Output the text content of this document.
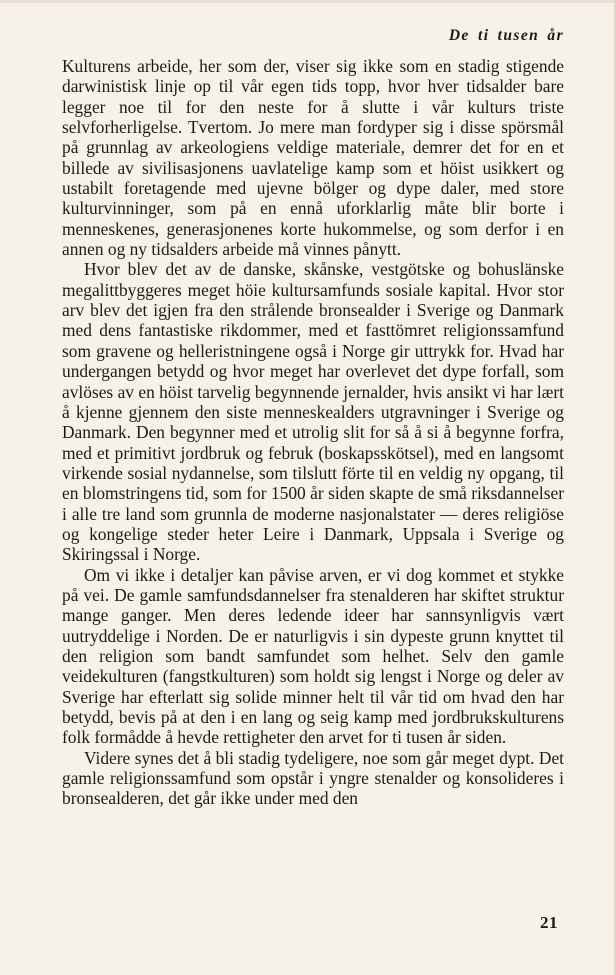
De ti tusen år

Kulturens arbeide, her som der, viser sig ikke som en stadig stigende darwinistisk linje op til vår egen tids topp, hvor hver tidsalder bare legger noe til for den neste for å slutte i vår kulturs triste selvforherligelse. Tvertom. Jo mere man fordyper sig i disse spörsmål på grunnlag av arkeologiens veldige materiale, demrer det for en et billede av sivilisasjonens uavlatelige kamp som et höist usikkert og ustabilt foretagende med ujevne bölger og dype daler, med store kulturvinninger, som på en ennå uforklarlig måte blir borte i menneskenes, generasjonenes korte hukommelse, og som derfor i en annen og ny tidsalders arbeide må vinnes pånytt.

Hvor blev det av de danske, skånske, vestgötske og bohuslänske megalittbyggeres meget höie kultursamfunds sosiale kapital. Hvor stor arv blev det igjen fra den strålende bronsealder i Sverige og Danmark med dens fantastiske rikdommer, med et fasttömret religionssamfund som gravene og helleristningene også i Norge gir uttrykk for. Hvad har undergangen betydd og hvor meget har overlevet det dype forfall, som avlöses av en höist tarvelig begynnende jernalder, hvis ansikt vi har lært å kjenne gjennem den siste menneskealders utgravninger i Sverige og Danmark. Den begynner med et utrolig slit for så å si å begynne forfra, med et primitivt jordbruk og februk (boskapsskötsel), med en langsomt virkende sosial nydannelse, som tilslutt förte til en veldig ny opgang, til en blomstringens tid, som for 1500 år siden skapte de små riksdannelser i alle tre land som grunnla de moderne nasjonalstater — deres religiöse og kongelige steder heter Leire i Danmark, Uppsala i Sverige og Skiringssal i Norge.

Om vi ikke i detaljer kan påvise arven, er vi dog kommet et stykke på vei. De gamle samfundsdannelser fra stenalderen har skiftet struktur mange ganger. Men deres ledende ideer har sannsynligvis vært uutryddelige i Norden. De er naturligvis i sin dypeste grunn knyttet til den religion som bandt samfundet som helhet. Selv den gamle veidekulturen (fangstkulturen) som holdt sig lengst i Norge og deler av Sverige har efterlatt sig solide minner helt til vår tid om hvad den har betydd, bevis på at den i en lang og seig kamp med jordbrukskulturens folk formådde å hevde rettigheter den arvet for ti tusen år siden.

Videre synes det å bli stadig tydeligere, noe som går meget dypt. Det gamle religionssamfund som opstår i yngre stenalder og konsolideres i bronsealderen, det går ikke under med den

21
